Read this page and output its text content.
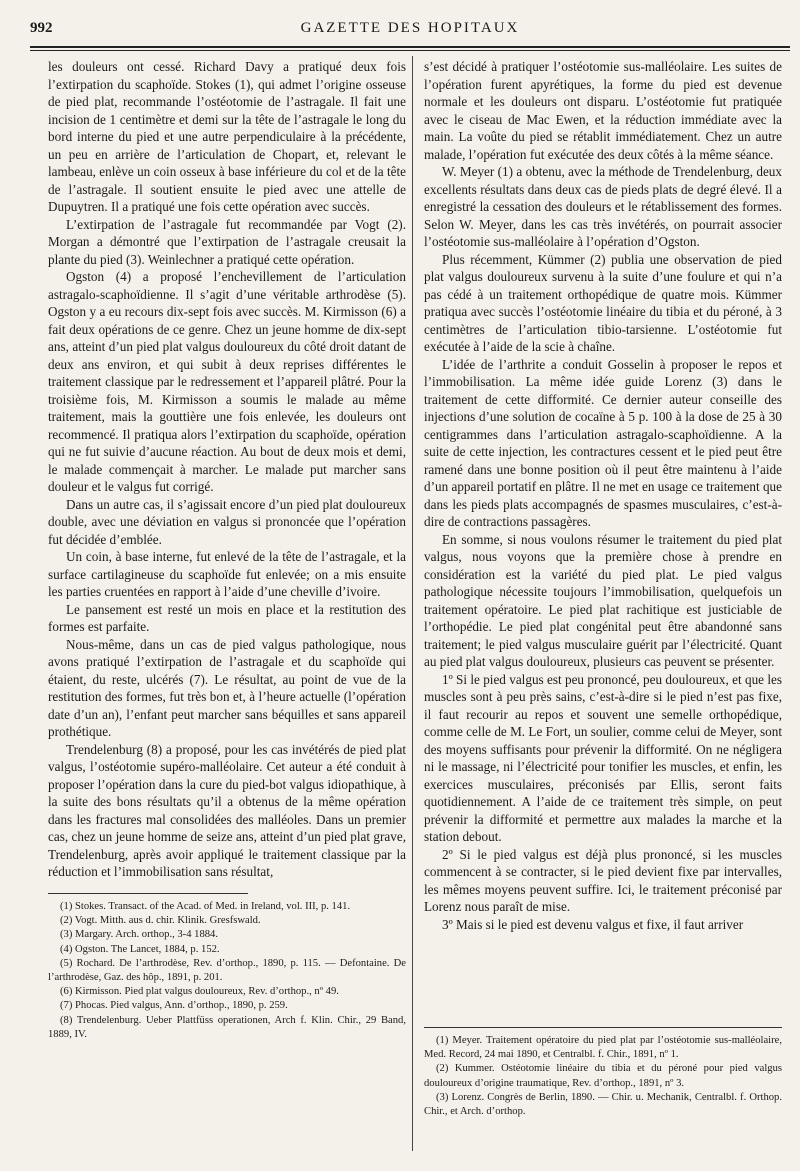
992	GAZETTE DES HOPITAUX

les douleurs ont cessé. Richard Davy a pratiqué deux fois l’extirpation du scaphoïde. Stokes (1), qui admet l’origine osseuse de pied plat, recommande l’ostéotomie de l’astragale. Il fait une incision de 1 centimètre et demi sur la tête de l’astragale le long du bord interne du pied et une autre perpendiculaire à la précédente, un peu en arrière de l’articulation de Chopart, et, relevant le lambeau, enlève un coin osseux à base inférieure du col et de la tête de l’astragale. Il soutient ensuite le pied avec une attelle de Dupuytren. Il a pratiqué une fois cette opération avec succès.

L’extirpation de l’astragale fut recommandée par Vogt (2). Morgan a démontré que l’extirpation de l’astragale creusait la plante du pied (3). Weinlechner a pratiqué cette opération.

Ogston (4) a proposé l’enchevillement de l’articulation astragalo-scaphoïdienne. Il s’agit d’une véritable arthrodèse (5). Ogston y a eu recours dix-sept fois avec succès. M. Kirmisson (6) a fait deux opérations de ce genre. Chez un jeune homme de dix-sept ans, atteint d’un pied plat valgus douloureux du côté droit datant de deux ans environ, et qui subit à deux reprises différentes le traitement classique par le redressement et l’appareil plâtré. Pour la troisième fois, M. Kirmisson a soumis le malade au même traitement, mais la gouttière une fois enlevée, les douleurs ont recommencé. Il pratiqua alors l’extirpation du scaphoïde, opération qui ne fut suivie d’aucune réaction. Au bout de deux mois et demi, le malade commençait à marcher. Le malade put marcher sans douleur et le valgus fut corrigé.

Dans un autre cas, il s’agissait encore d’un pied plat douloureux double, avec une déviation en valgus si prononcée que l’opération fut décidée d’emblée.

Un coin, à base interne, fut enlevé de la tête de l’astragale, et la surface cartilagineuse du scaphoïde fut enlevée; on a mis ensuite les parties cruentées en rapport à l’aide d’une cheville d’ivoire.

Le pansement est resté un mois en place et la restitution des formes est parfaite.

Nous-même, dans un cas de pied valgus pathologique, nous avons pratiqué l’extirpation de l’astragale et du scaphoïde qui étaient, du reste, ulcérés (7). Le résultat, au point de vue de la restitution des formes, fut très bon et, à l’heure actuelle (l’opération date d’un an), l’enfant peut marcher sans béquilles et sans appareil prothétique.

Trendelenburg (8) a proposé, pour les cas invétérés de pied plat valgus, l’ostéotomie supéro-malléolaire. Cet auteur a été conduit à proposer l’opération dans la cure du pied-bot valgus idiopathique, à la suite des bons résultats qu’il a obtenus de la même opération dans les fractures mal consolidées des malléoles. Dans un premier cas, chez un jeune homme de seize ans, atteint d’un pied plat grave, Trendelenburg, après avoir appliqué le traitement classique par la réduction et l’immobilisation sans résultat,

(1) Stokes. Transact. of the Acad. of Med. in Ireland, vol. III, p. 141.

(2) Vogt. Mitth. aus d. chir. Klinik. Gresfswald.

(3) Margary. Arch. orthop., 3-4 1884.

(4) Ogston. The Lancet, 1884, p. 152.

(5) Rochard. De l’arthrodèse, Rev. d’orthop., 1890, p. 115. — Defontaine. De l’arthrodèse, Gaz. des hôp., 1891, p. 201.

(6) Kirmisson. Pied plat valgus douloureux, Rev. d’orthop., nº 49.

(7) Phocas. Pied valgus, Ann. d’orthop., 1890, p. 259.

(8) Trendelenburg. Ueber Plattfüss operationen, Arch f. Klin. Chir., 29 Band, 1889, IV.

s’est décidé à pratiquer l’ostéotomie sus-malléolaire. Les suites de l’opération furent apyrétiques, la forme du pied est devenue normale et les douleurs ont disparu. L’ostéotomie fut pratiquée avec le ciseau de Mac Ewen, et la réduction immédiate avec la main. La voûte du pied se rétablit immédiatement. Chez un autre malade, l’opération fut exécutée des deux côtés à la même séance.

W. Meyer (1) a obtenu, avec la méthode de Trendelenburg, deux excellents résultats dans deux cas de pieds plats de degré élevé. Il a enregistré la cessation des douleurs et le rétablissement des formes. Selon W. Meyer, dans les cas très invétérés, on pourrait associer l’ostéotomie sus-malléolaire à l’opération d’Ogston.

Plus récemment, Kümmer (2) publia une observation de pied plat valgus douloureux survenu à la suite d’une foulure et qui n’a pas cédé à un traitement orthopédique de quatre mois. Kümmer pratiqua avec succès l’ostéotomie linéaire du tibia et du péroné, à 3 centimètres de l’articulation tibio-tarsienne. L’ostéotomie fut exécutée à l’aide de la scie à chaîne.

L’idée de l’arthrite a conduit Gosselin à proposer le repos et l’immobilisation. La même idée guide Lorenz (3) dans le traitement de cette difformité. Ce dernier auteur conseille des injections d’une solution de cocaïne à 5 p. 100 à la dose de 25 à 30 centigrammes dans l’articulation astragalo-scaphoïdienne. A la suite de cette injection, les contractures cessent et le pied peut être ramené dans une bonne position où il peut être maintenu à l’aide d’un appareil portatif en plâtre. Il ne met en usage ce traitement que dans les pieds plats accompagnés de spasmes musculaires, c’est-à-dire de contractions passagères.

En somme, si nous voulons résumer le traitement du pied plat valgus, nous voyons que la première chose à prendre en considération est la variété du pied plat. Le pied valgus pathologique nécessite toujours l’immobilisation, quelquefois un traitement opératoire. Le pied plat rachitique est justiciable de l’orthopédie. Le pied plat congénital peut être abandonné sans traitement; le pied valgus musculaire guérit par l’électricité. Quant au pied plat valgus douloureux, plusieurs cas peuvent se présenter.

1º Si le pied valgus est peu prononcé, peu douloureux, et que les muscles sont à peu près sains, c’est-à-dire si le pied n’est pas fixe, il faut recourir au repos et souvent une semelle orthopédique, comme celle de M. Le Fort, un soulier, comme celui de Meyer, sont des moyens suffisants pour prévenir la difformité. On ne négligera ni le massage, ni l’électricité pour tonifier les muscles, et enfin, les exercices musculaires, préconisés par Ellis, seront faits quotidiennement. A l’aide de ce traitement très simple, on peut prévenir la difformité et permettre aux malades la marche et la station debout.

2º Si le pied valgus est déjà plus prononcé, si les muscles commencent à se contracter, si le pied devient fixe par intervalles, les mêmes moyens peuvent suffire. Ici, le traitement préconisé par Lorenz nous paraît de mise.

3º Mais si le pied est devenu valgus et fixe, il faut arriver

(1) Meyer. Traitement opératoire du pied plat par l’ostéotomie sus-malléolaire, Med. Record, 24 mai 1890, et Centralbl. f. Chir., 1891, nº 1.

(2) Kummer. Ostéotomie linéaire du tibia et du péroné pour pied valgus douloureux d’origine traumatique, Rev. d’orthop., 1891, nº 3.

(3) Lorenz. Congrès de Berlin, 1890. — Chir. u. Mechanik, Centralbl. f. Orthop. Chir., et Arch. d’orthop.
